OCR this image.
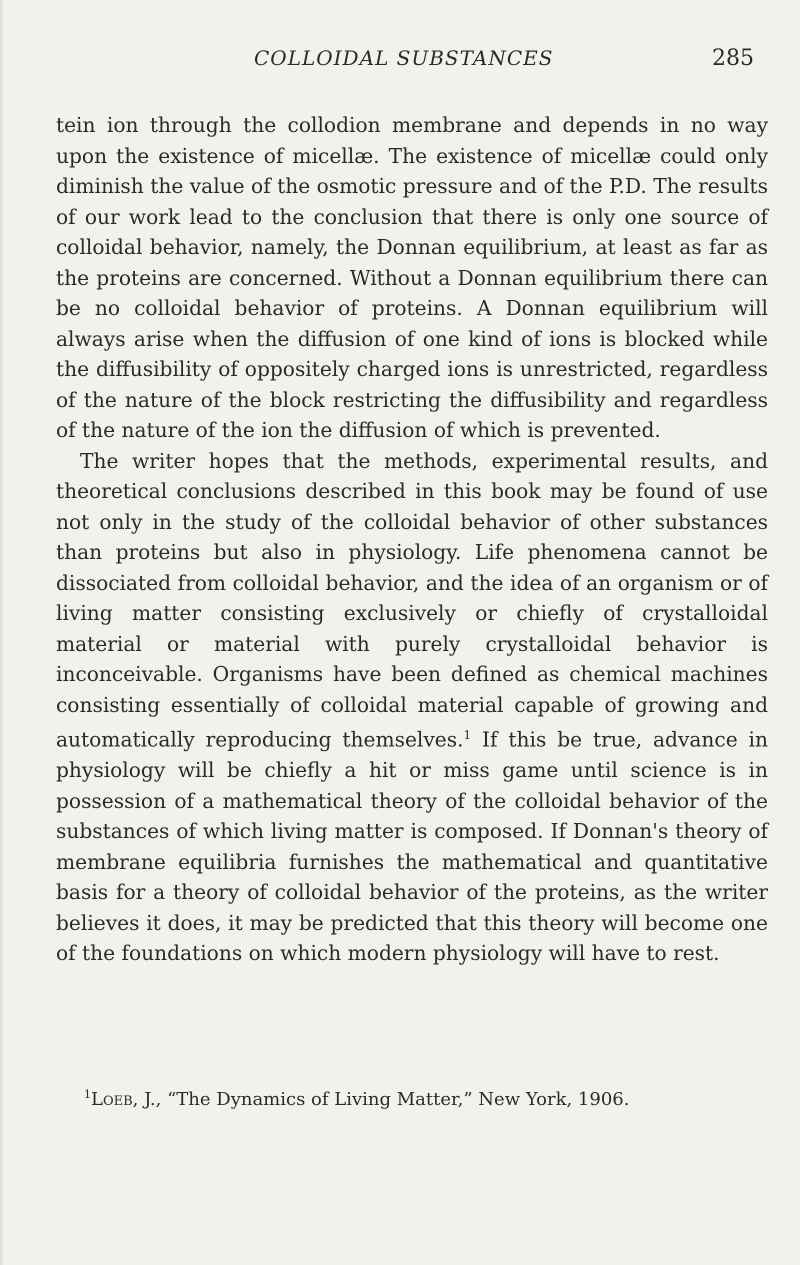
COLLOIDAL SUBSTANCES	285

tein ion through the collodion membrane and depends in no way upon the existence of micellæ. The existence of micellæ could only diminish the value of the osmotic pressure and of the P.D. The results of our work lead to the conclusion that there is only one source of colloidal behavior, namely, the Donnan equilibrium, at least as far as the proteins are concerned. Without a Donnan equilibrium there can be no colloidal behavior of proteins. A Donnan equilibrium will always arise when the diffusion of one kind of ions is blocked while the diffusibility of oppositely charged ions is unrestricted, regardless of the nature of the block restricting the diffusibility and regardless of the nature of the ion the diffusion of which is prevented.

The writer hopes that the methods, experimental results, and theoretical conclusions described in this book may be found of use not only in the study of the colloidal behavior of other substances than proteins but also in physiology. Life phenomena cannot be dissociated from colloidal behavior, and the idea of an organism or of living matter consisting exclusively or chiefly of crystalloidal material or material with purely crystalloidal behavior is inconceivable. Organisms have been defined as chemical machines consisting essentially of colloidal material capable of growing and automatically reproducing themselves.$^1$ If this be true, advance in physiology will be chiefly a hit or miss game until science is in possession of a mathematical theory of the colloidal behavior of the substances of which living matter is composed. If Donnan's theory of membrane equilibria furnishes the mathematical and quantitative basis for a theory of colloidal behavior of the proteins, as the writer believes it does, it may be predicted that this theory will become one of the foundations on which modern physiology will have to rest.

$^1$Loeb, J., “The Dynamics of Living Matter,” New York, 1906.
